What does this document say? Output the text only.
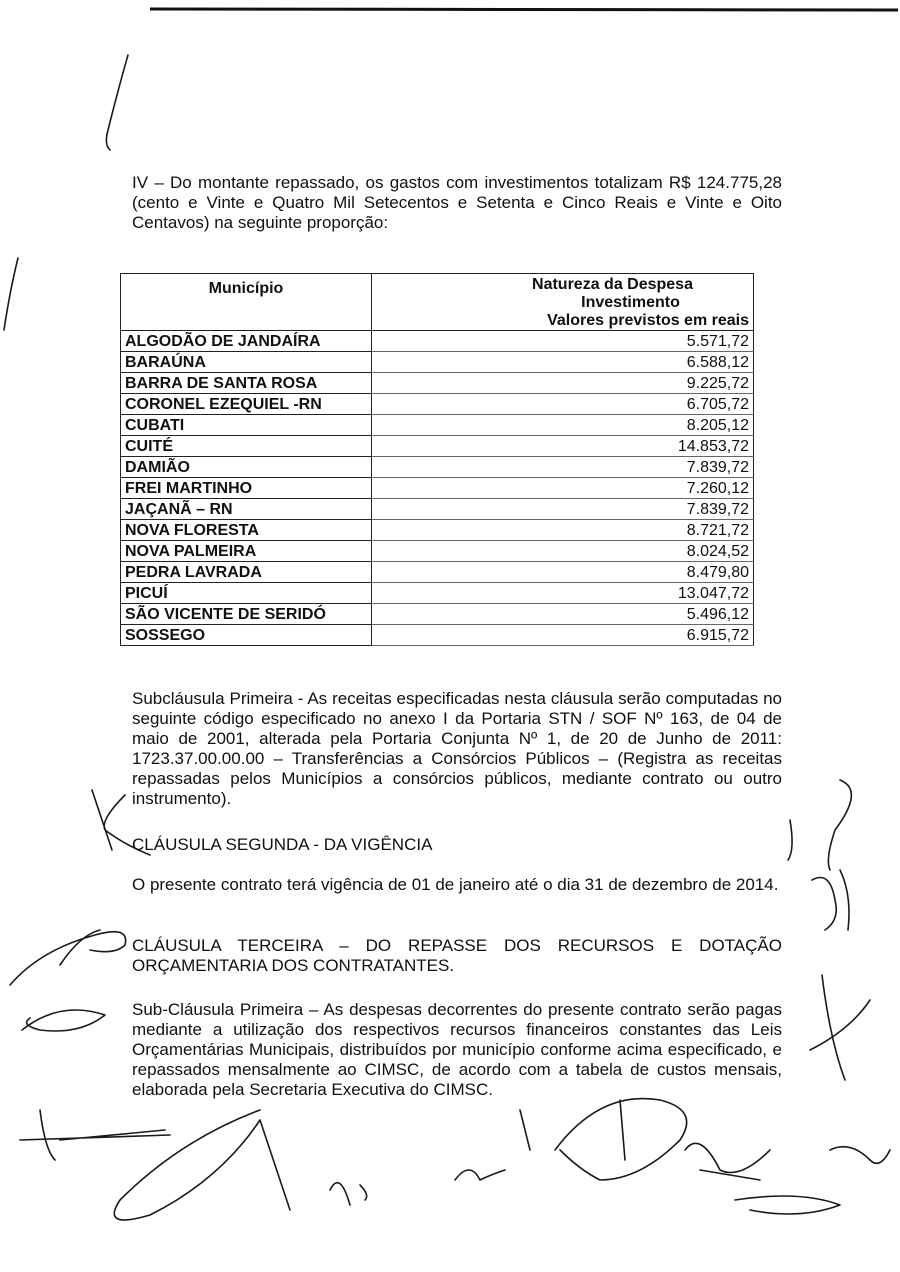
IV – Do montante repassado, os gastos com investimentos totalizam R$ 124.775,28 (cento e Vinte e Quatro Mil Setecentos e Setenta e Cinco Reais e Vinte e Oito Centavos) na seguinte proporção:

Município	Natureza da Despesa
Investimento
Valores previstos em reais

ALGODÃO DE JANDAÍRA	5.571,72
BARAÚNA	6.588,12
BARRA DE SANTA ROSA	9.225,72
CORONEL EZEQUIEL -RN	6.705,72
CUBATI	8.205,12
CUITÉ	14.853,72
DAMIÃO	7.839,72
FREI MARTINHO	7.260,12
JAÇANÃ – RN	7.839,72
NOVA FLORESTA	8.721,72
NOVA PALMEIRA	8.024,52
PEDRA LAVRADA	8.479,80
PICUÍ	13.047,72
SÃO VICENTE DE SERIDÓ	5.496,12
SOSSEGO	6.915,72

Subcláusula Primeira - As receitas especificadas nesta cláusula serão computadas no seguinte código especificado no anexo I da Portaria STN / SOF Nº 163, de 04 de maio de 2001, alterada pela Portaria Conjunta Nº 1, de 20 de Junho de 2011: 1723.37.00.00.00 – Transferências a Consórcios Públicos – (Registra as receitas repassadas pelos Municípios a consórcios públicos, mediante contrato ou outro instrumento).

CLÁUSULA SEGUNDA - DA VIGÊNCIA

O presente contrato terá vigência de 01 de janeiro até o dia 31 de dezembro de 2014.

CLÁUSULA TERCEIRA – DO REPASSE DOS RECURSOS E DOTAÇÃO ORÇAMENTARIA DOS CONTRATANTES.

Sub-Cláusula Primeira – As despesas decorrentes do presente contrato serão pagas mediante a utilização dos respectivos recursos financeiros constantes das Leis Orçamentárias Municipais, distribuídos por município conforme acima especificado, e repassados mensalmente ao CIMSC, de acordo com a tabela de custos mensais, elaborada pela Secretaria Executiva do CIMSC.
